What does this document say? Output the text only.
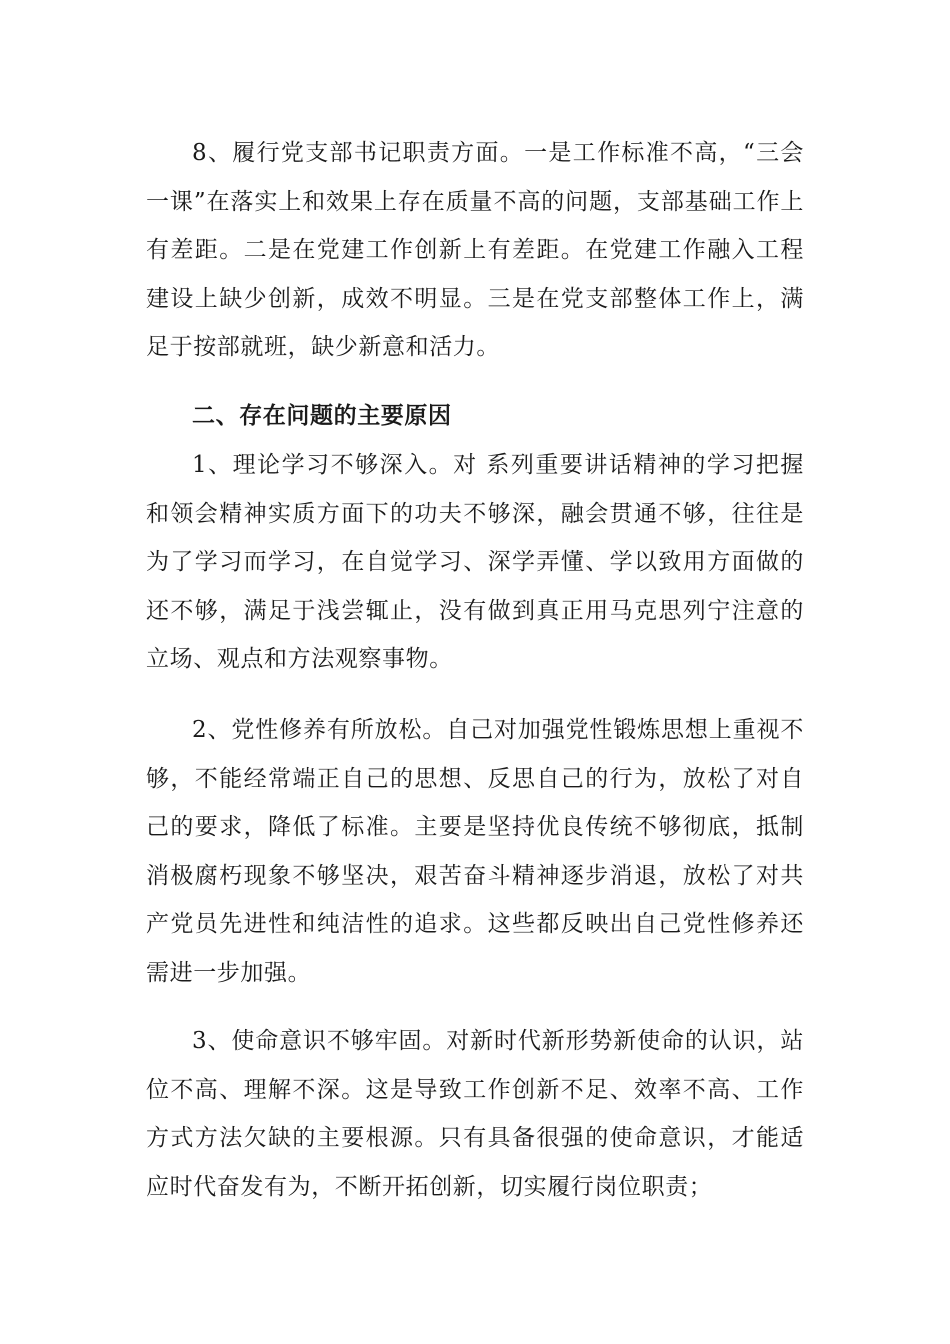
8、履行党支部书记职责方面。一是工作标准不高，“三会一课”在落实上和效果上存在质量不高的问题，支部基础工作上有差距。二是在党建工作创新上有差距。在党建工作融入工程建设上缺少创新，成效不明显。三是在党支部整体工作上，满足于按部就班，缺少新意和活力。

二、存在问题的主要原因

1、理论学习不够深入。对 系列重要讲话精神的学习把握和领会精神实质方面下的功夫不够深，融会贯通不够，往往是为了学习而学习，在自觉学习、深学弄懂、学以致用方面做的还不够，满足于浅尝辄止，没有做到真正用马克思列宁注意的立场、观点和方法观察事物。

2、党性修养有所放松。自己对加强党性锻炼思想上重视不够，不能经常端正自己的思想、反思自己的行为，放松了对自己的要求，降低了标准。主要是坚持优良传统不够彻底，抵制消极腐朽现象不够坚决，艰苦奋斗精神逐步消退，放松了对共产党员先进性和纯洁性的追求。这些都反映出自己党性修养还需进一步加强。

3、使命意识不够牢固。对新时代新形势新使命的认识，站位不高、理解不深。这是导致工作创新不足、效率不高、工作方式方法欠缺的主要根源。只有具备很强的使命意识，才能适应时代奋发有为，不断开拓创新，切实履行岗位职责；
